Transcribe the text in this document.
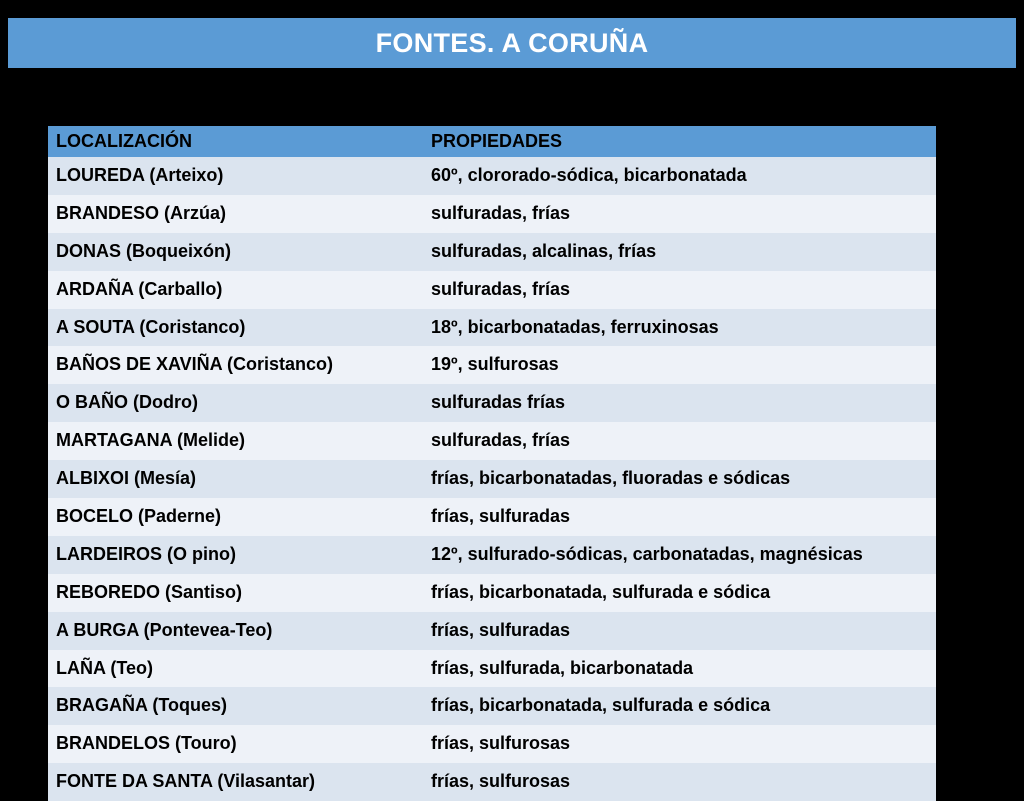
FONTES. A CORUÑA
LOCALIZACIÓN	PROPIEDADES
LOUREDA (Arteixo)	60º, clororado-sódica, bicarbonatada
BRANDESO (Arzúa)	sulfuradas, frías
DONAS (Boqueixón)	sulfuradas, alcalinas, frías
ARDAÑA (Carballo)	sulfuradas, frías
A SOUTA (Coristanco)	18º, bicarbonatadas, ferruxinosas
BAÑOS DE XAVIÑA (Coristanco)	19º, sulfurosas
O BAÑO (Dodro)	sulfuradas frías
MARTAGANA (Melide)	sulfuradas, frías
ALBIXOI (Mesía)	frías, bicarbonatadas, fluoradas e sódicas
BOCELO (Paderne)	frías, sulfuradas
LARDEIROS (O pino)	12º, sulfurado-sódicas, carbonatadas, magnésicas
REBOREDO (Santiso)	frías, bicarbonatada, sulfurada e sódica
A BURGA (Pontevea-Teo)	frías, sulfuradas
LAÑA (Teo)	frías, sulfurada, bicarbonatada
BRAGAÑA (Toques)	frías, bicarbonatada, sulfurada e sódica
BRANDELOS (Touro)	frías, sulfurosas
FONTE DA SANTA (Vilasantar)	frías, sulfurosas
